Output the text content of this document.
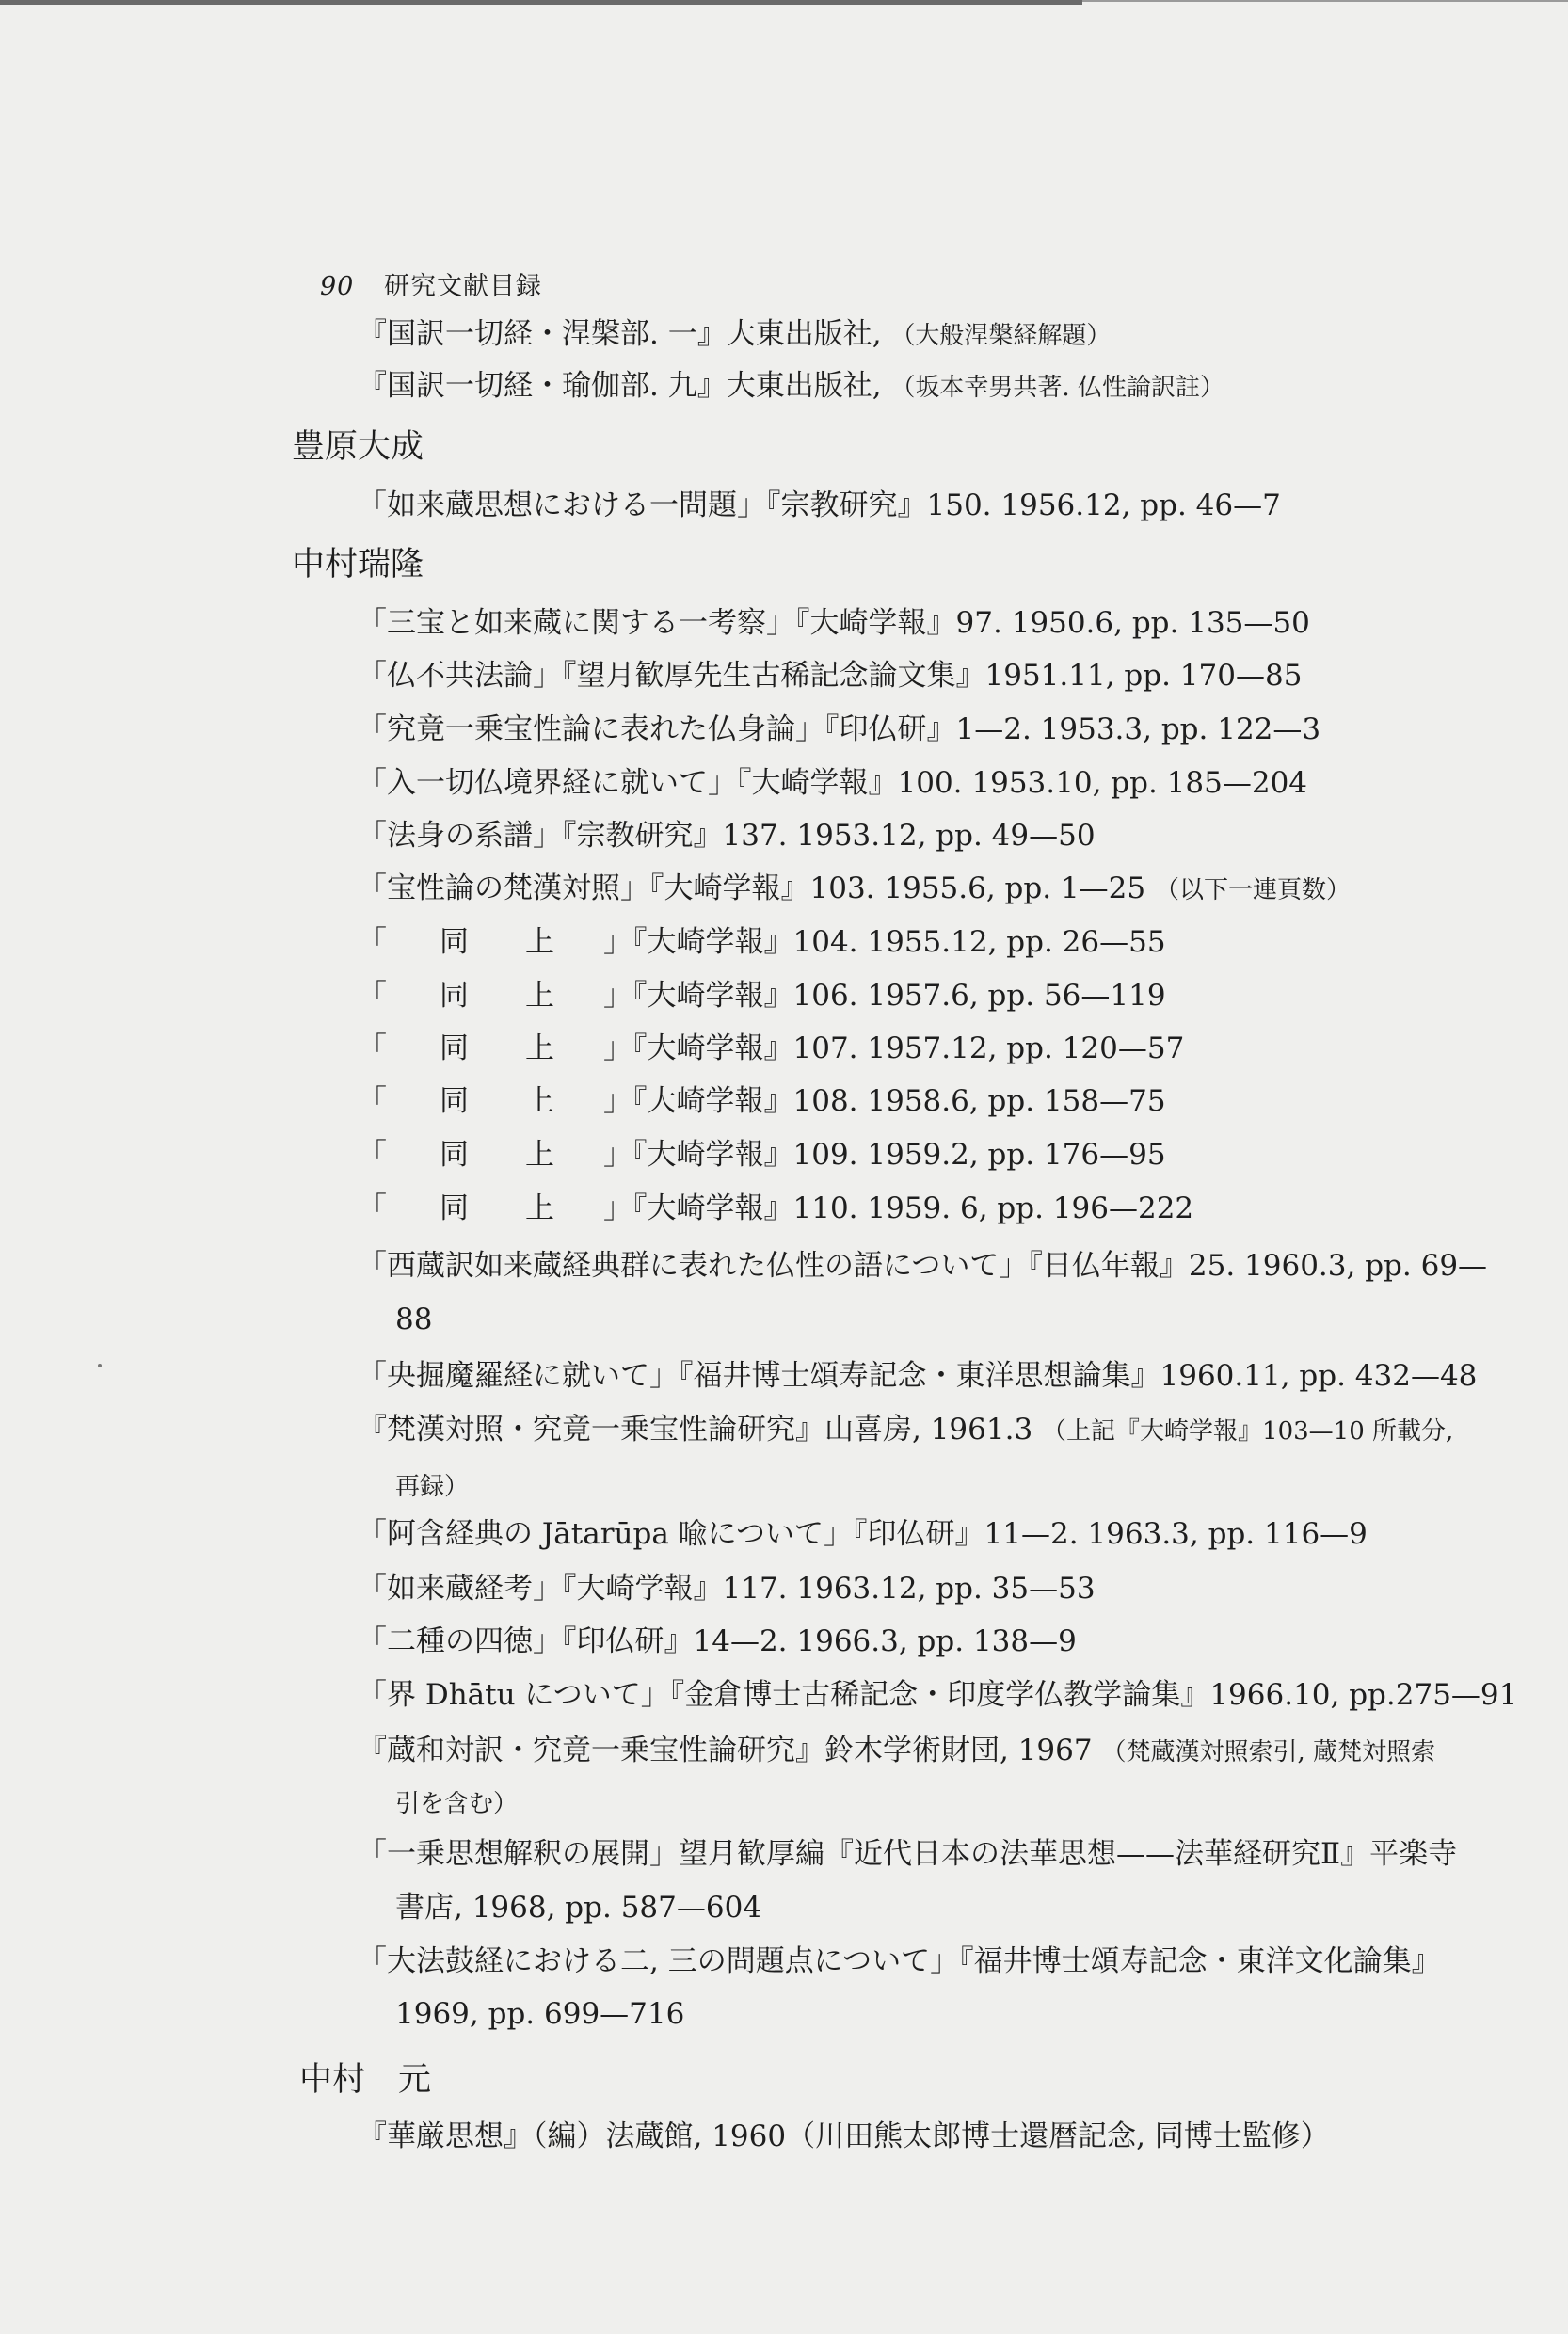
90 研究文献目録
『国訳一切経・涅槃部. 一』大東出版社, （大般涅槃経解題）
『国訳一切経・瑜伽部. 九』大東出版社, （坂本幸男共著. 仏性論訳註）
豊原大成
「如来蔵思想における一問題」『宗教研究』150. 1956.12, pp. 46—7
中村瑞隆
「三宝と如来蔵に関する一考察」『大崎学報』97. 1950.6, pp. 135—50
「仏不共法論」『望月歓厚先生古稀記念論文集』1951.11, pp. 170—85
「究竟一乗宝性論に表れた仏身論」『印仏研』1—2. 1953.3, pp. 122—3
「入一切仏境界経に就いて」『大崎学報』100. 1953.10, pp. 185—204
「法身の系譜」『宗教研究』137. 1953.12, pp. 49—50
「宝性論の梵漢対照」『大崎学報』103. 1955.6, pp. 1—25 （以下一連頁数）
「 同 上 」『大崎学報』104. 1955.12, pp. 26—55
「 同 上 」『大崎学報』106. 1957.6, pp. 56—119
「 同 上 」『大崎学報』107. 1957.12, pp. 120—57
「 同 上 」『大崎学報』108. 1958.6, pp. 158—75
「 同 上 」『大崎学報』109. 1959.2, pp. 176—95
「 同 上 」『大崎学報』110. 1959. 6, pp. 196—222
「西蔵訳如来蔵経典群に表れた仏性の語について」『日仏年報』25. 1960.3, pp. 69—
88
「央掘魔羅経に就いて」『福井博士頌寿記念・東洋思想論集』1960.11, pp. 432—48
『梵漢対照・究竟一乗宝性論研究』山喜房, 1961.3 （上記『大崎学報』103—10 所載分,
再録）
「阿含経典の Jātarūpa 喩について」『印仏研』11—2. 1963.3, pp. 116—9
「如来蔵経考」『大崎学報』117. 1963.12, pp. 35—53
「二種の四徳」『印仏研』14—2. 1966.3, pp. 138—9
「界 Dhātu について」『金倉博士古稀記念・印度学仏教学論集』1966.10, pp.275—91
『蔵和対訳・究竟一乗宝性論研究』鈴木学術財団, 1967 （梵蔵漢対照索引, 蔵梵対照索
引を含む）
「一乗思想解釈の展開」望月歓厚編『近代日本の法華思想——法華経研究Ⅱ』平楽寺
書店, 1968, pp. 587—604
「大法鼓経における二, 三の問題点について」『福井博士頌寿記念・東洋文化論集』
1969, pp. 699—716
中村　元
『華厳思想』（編）法蔵館, 1960（川田熊太郎博士還暦記念, 同博士監修）
